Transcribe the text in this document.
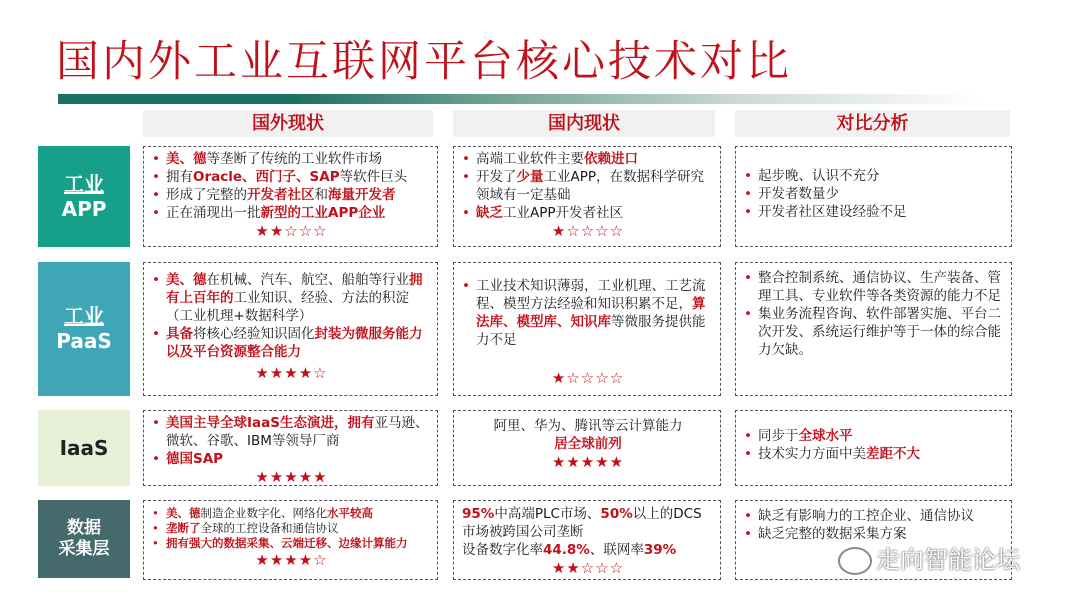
国内外工业互联网平台核心技术对比
国外现状	国内现状	对比分析
工业
APP
工业
PaaS
IaaS
数据
采集层
• 美、德等垄断了传统的工业软件市场
• 拥有Oracle、西门子、SAP等软件巨头
• 形成了完整的开发者社区和海量开发者
• 正在涌现出一批新型的工业APP企业
★★☆☆☆
• 高端工业软件主要依赖进口
• 开发了少量工业APP，在数据科学研究领域有一定基础
• 缺乏工业APP开发者社区
★☆☆☆☆
• 起步晚、认识不充分
• 开发者数量少
• 开发者社区建设经验不足
• 美、德在机械、汽车、航空、船舶等行业拥有上百年的工业知识、经验、方法的积淀（工业机理+数据科学）
• 具备将核心经验知识固化封装为微服务能力以及平台资源整合能力
★★★★☆
• 工业技术知识薄弱，工业机理、工艺流程、模型方法经验和知识积累不足，算法库、模型库、知识库等微服务提供能力不足
★☆☆☆☆
• 整合控制系统、通信协议、生产装备、管理工具、专业软件等各类资源的能力不足
• 集业务流程咨询、软件部署实施、平台二次开发、系统运行维护等于一体的综合能力欠缺。
• 美国主导全球IaaS生态演进，拥有亚马逊、微软、谷歌、IBM等领导厂商
• 德国SAP
★★★★★
阿里、华为、腾讯等云计算能力
居全球前列
★★★★★
• 同步于全球水平
• 技术实力方面中美差距不大
• 美、德制造企业数字化、网络化水平较高
• 垄断了全球的工控设备和通信协议
• 拥有强大的数据采集、云端迁移、边缘计算能力
★★★★☆
95%中高端PLC市场、50%以上的DCS市场被跨国公司垄断
设备数字化率44.8%、联网率39%
★★☆☆☆
• 缺乏有影响力的工控企业、通信协议
• 缺乏完整的数据采集方案
走向智能论坛
